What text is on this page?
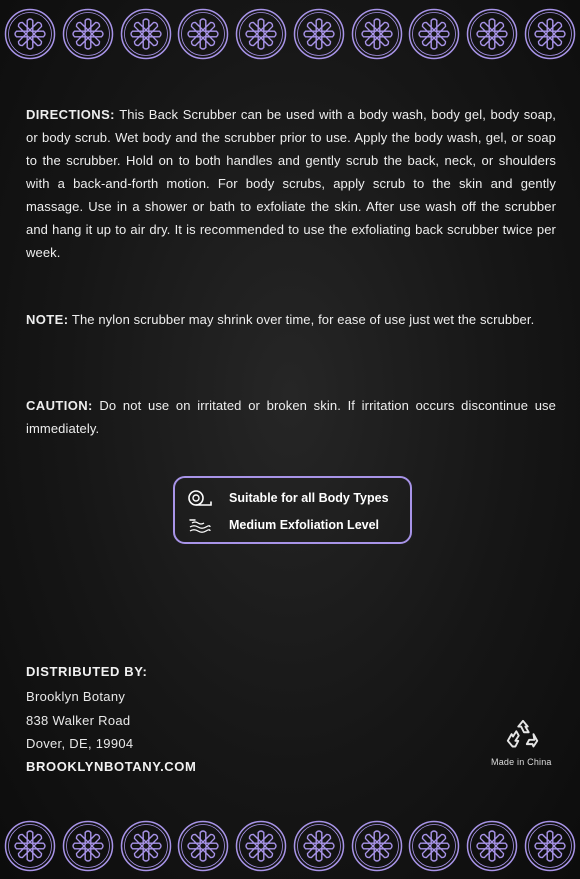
DIRECTIONS: This Back Scrubber can be used with a body wash, body gel, body soap, or body scrub. Wet body and the scrubber prior to use. Apply the body wash, gel, or soap to the scrubber. Hold on to both handles and gently scrub the back, neck, or shoulders with a back-and-forth motion. For body scrubs, apply scrub to the skin and gently massage. Use in a shower or bath to exfoliate the skin. After use wash off the scrubber and hang it up to air dry. It is recommended to use the exfoliating back scrubber twice per week.

NOTE: The nylon scrubber may shrink over time, for ease of use just wet the scrubber.

CAUTION: Do not use on irritated or broken skin. If irritation occurs discontinue use immediately.

Suitable for all Body Types
Medium Exfoliation Level
DISTRIBUTED BY:
Brooklyn Botany
838 Walker Road
Dover, DE, 19904
BROOKLYNBOTANY.COM	Made in China
